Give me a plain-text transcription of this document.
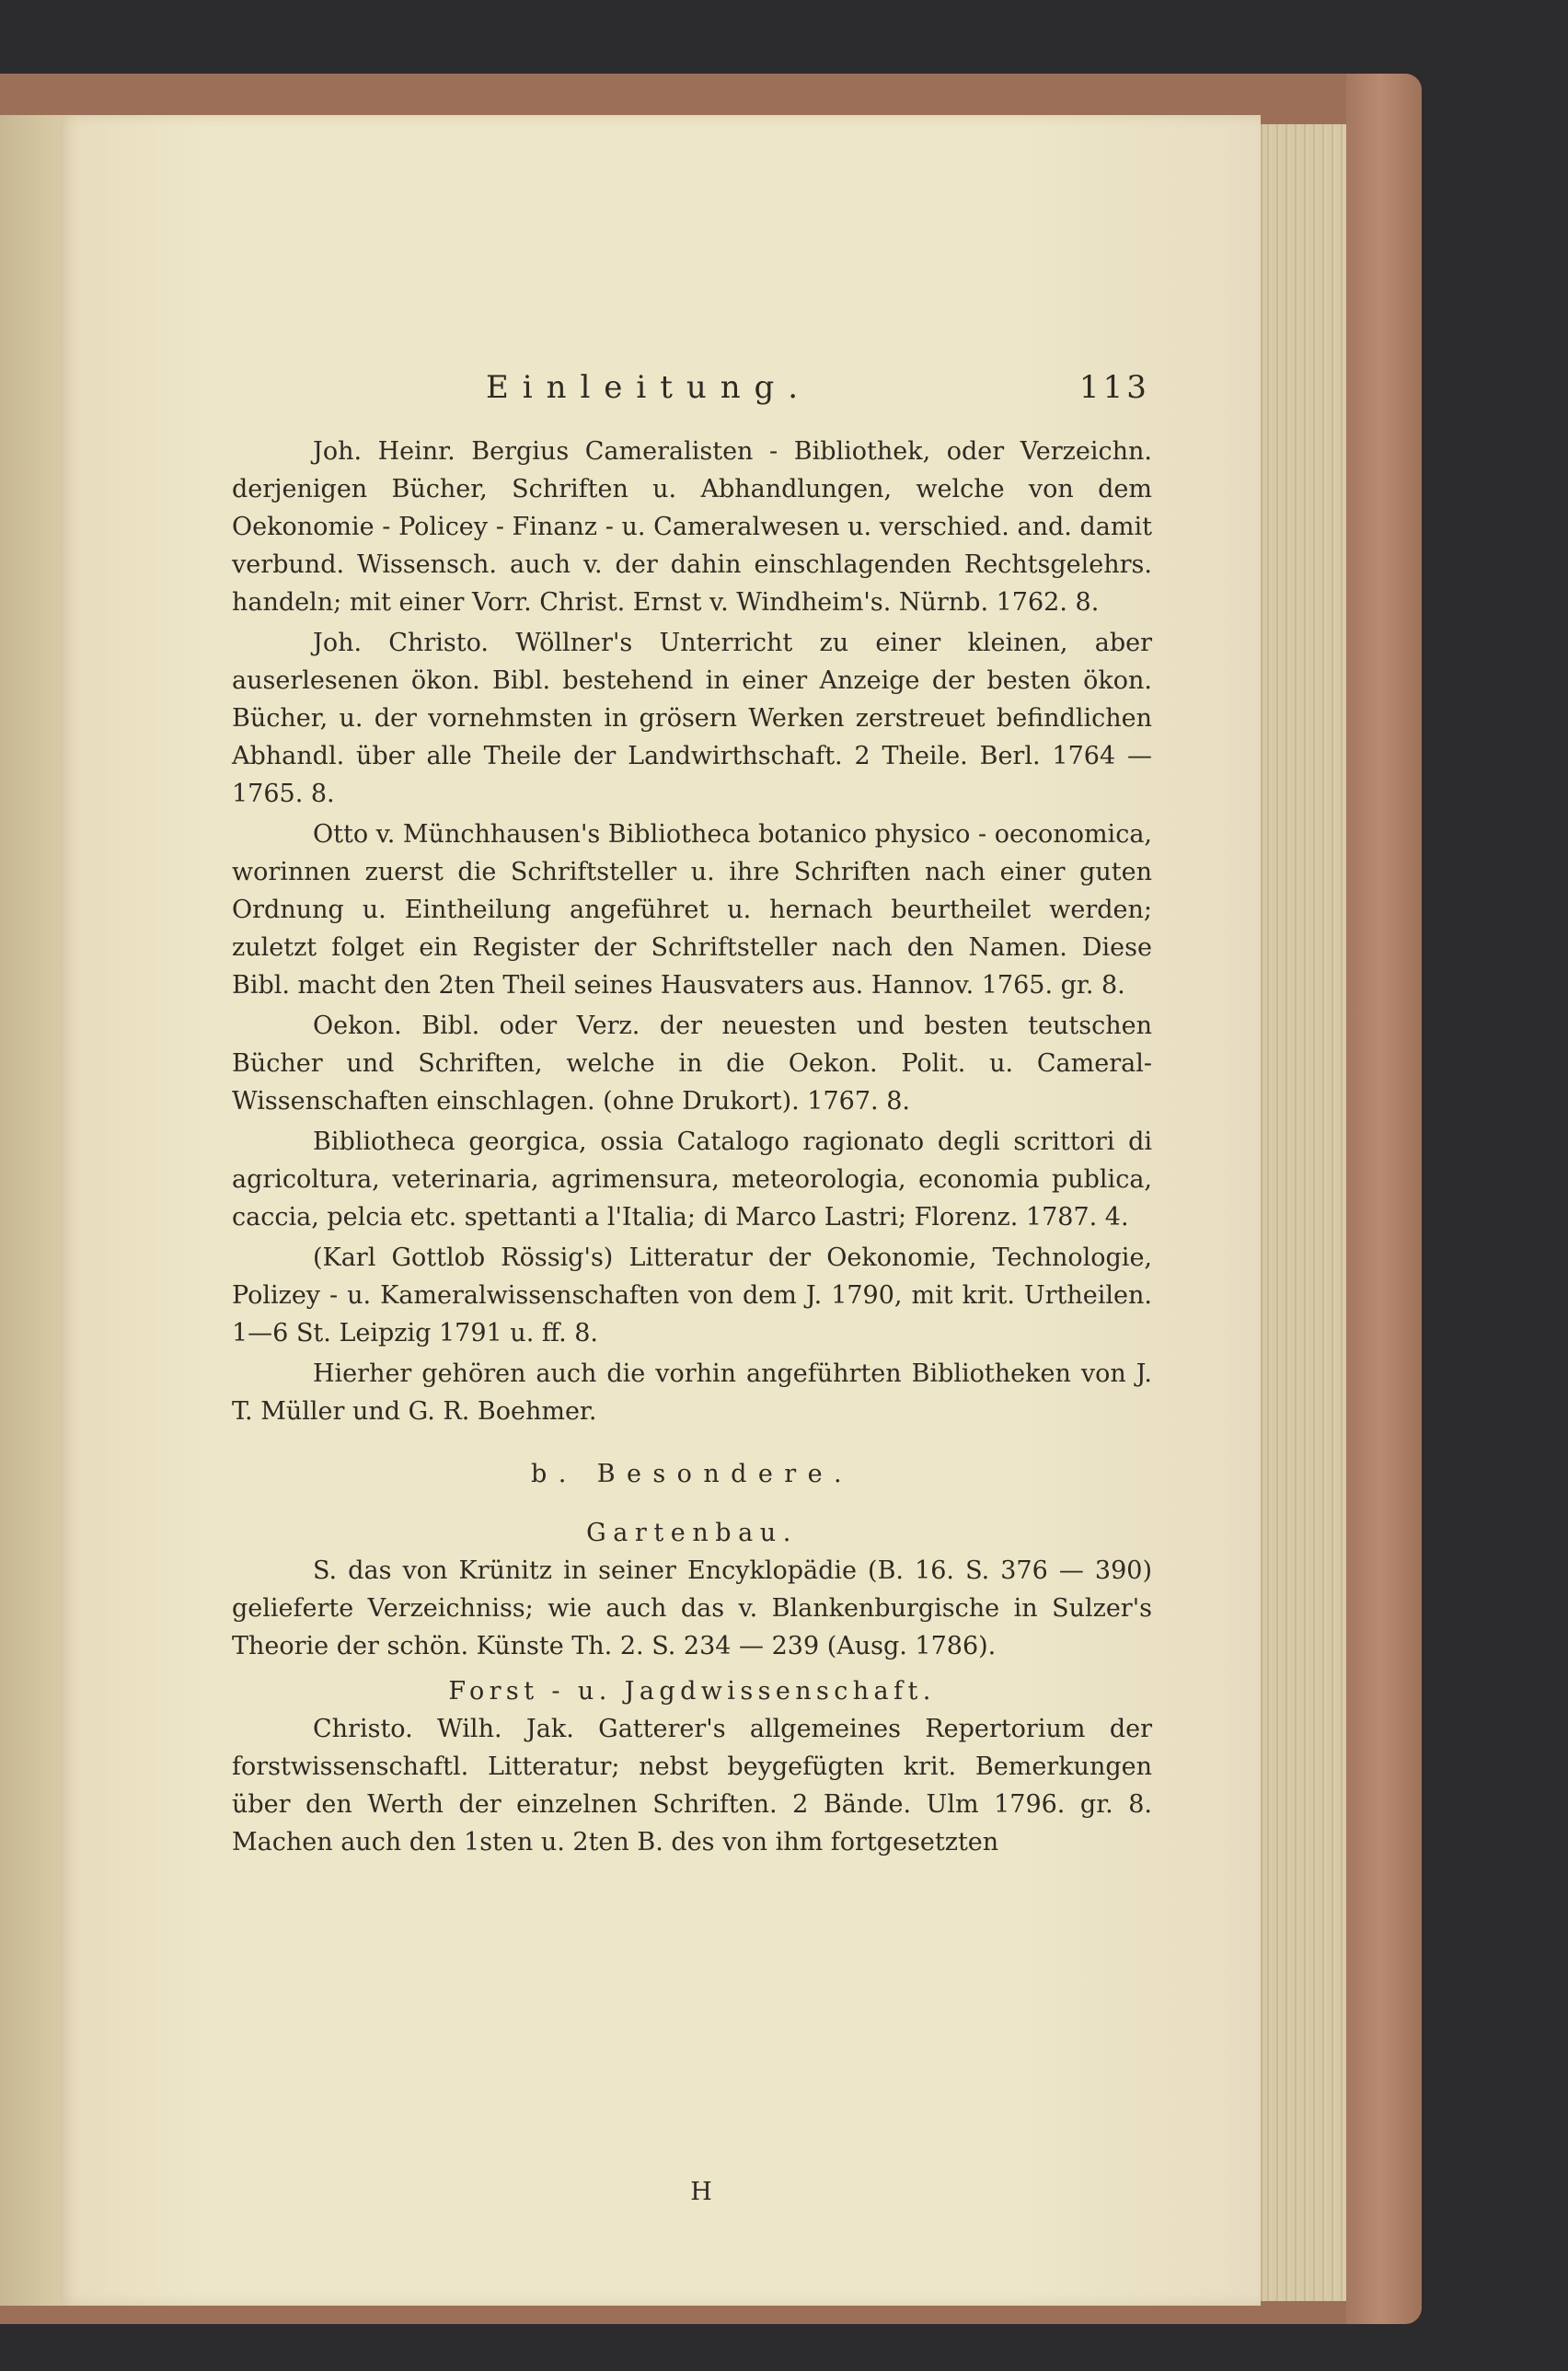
Einleitung.	113

Joh. Heinr. Bergius Cameralisten - Bibliothek, oder Verzeichn. derjenigen Bücher, Schriften u. Abhandlungen, welche von dem Oekonomie - Policey - Finanz - u. Cameralwesen u. verschied. and. damit verbund. Wissensch. auch v. der dahin einschlagenden Rechtsgelehrs. handeln; mit einer Vorr. Christ. Ernst v. Windheim's. Nürnb. 1762. 8.

Joh. Christo. Wöllner's Unterricht zu einer kleinen, aber auserlesenen ökon. Bibl. bestehend in einer Anzeige der besten ökon. Bücher, u. der vornehmsten in grösern Werken zerstreuet befindlichen Abhandl. über alle Theile der Landwirthschaft. 2 Theile. Berl. 1764 — 1765. 8.

Otto v. Münchhausen's Bibliotheca botanico physico - oeconomica, worinnen zuerst die Schriftsteller u. ihre Schriften nach einer guten Ordnung u. Eintheilung angeführet u. hernach beurtheilet werden; zuletzt folget ein Register der Schriftsteller nach den Namen. Diese Bibl. macht den 2ten Theil seines Hausvaters aus. Hannov. 1765. gr. 8.

Oekon. Bibl. oder Verz. der neuesten und besten teutschen Bücher und Schriften, welche in die Oekon. Polit. u. Cameral-Wissenschaften einschlagen. (ohne Drukort). 1767. 8.

Bibliotheca georgica, ossia Catalogo ragionato degli scrittori di agricoltura, veterinaria, agrimensura, meteorologia, economia publica, caccia, pelcia etc. spettanti a l'Italia; di Marco Lastri; Florenz. 1787. 4.

(Karl Gottlob Rössig's) Litteratur der Oekonomie, Technologie, Polizey - u. Kameralwissenschaften von dem J. 1790, mit krit. Urtheilen. 1—6 St. Leipzig 1791 u. ff. 8.

Hierher gehören auch die vorhin angeführten Bibliotheken von J. T. Müller und G. R. Boehmer.

b. Besondere.

Gartenbau.

S. das von Krünitz in seiner Encyklopädie (B. 16. S. 376 — 390) gelieferte Verzeichniss; wie auch das v. Blankenburgische in Sulzer's Theorie der schön. Künste Th. 2. S. 234 — 239 (Ausg. 1786).

Forst - u. Jagdwissenschaft.

Christo. Wilh. Jak. Gatterer's allgemeines Repertorium der forstwissenschaftl. Litteratur; nebst beygefügten krit. Bemerkungen über den Werth der einzelnen Schriften. 2 Bände. Ulm 1796. gr. 8. Machen auch den 1sten u. 2ten B. des von ihm fortgesetzten

H
